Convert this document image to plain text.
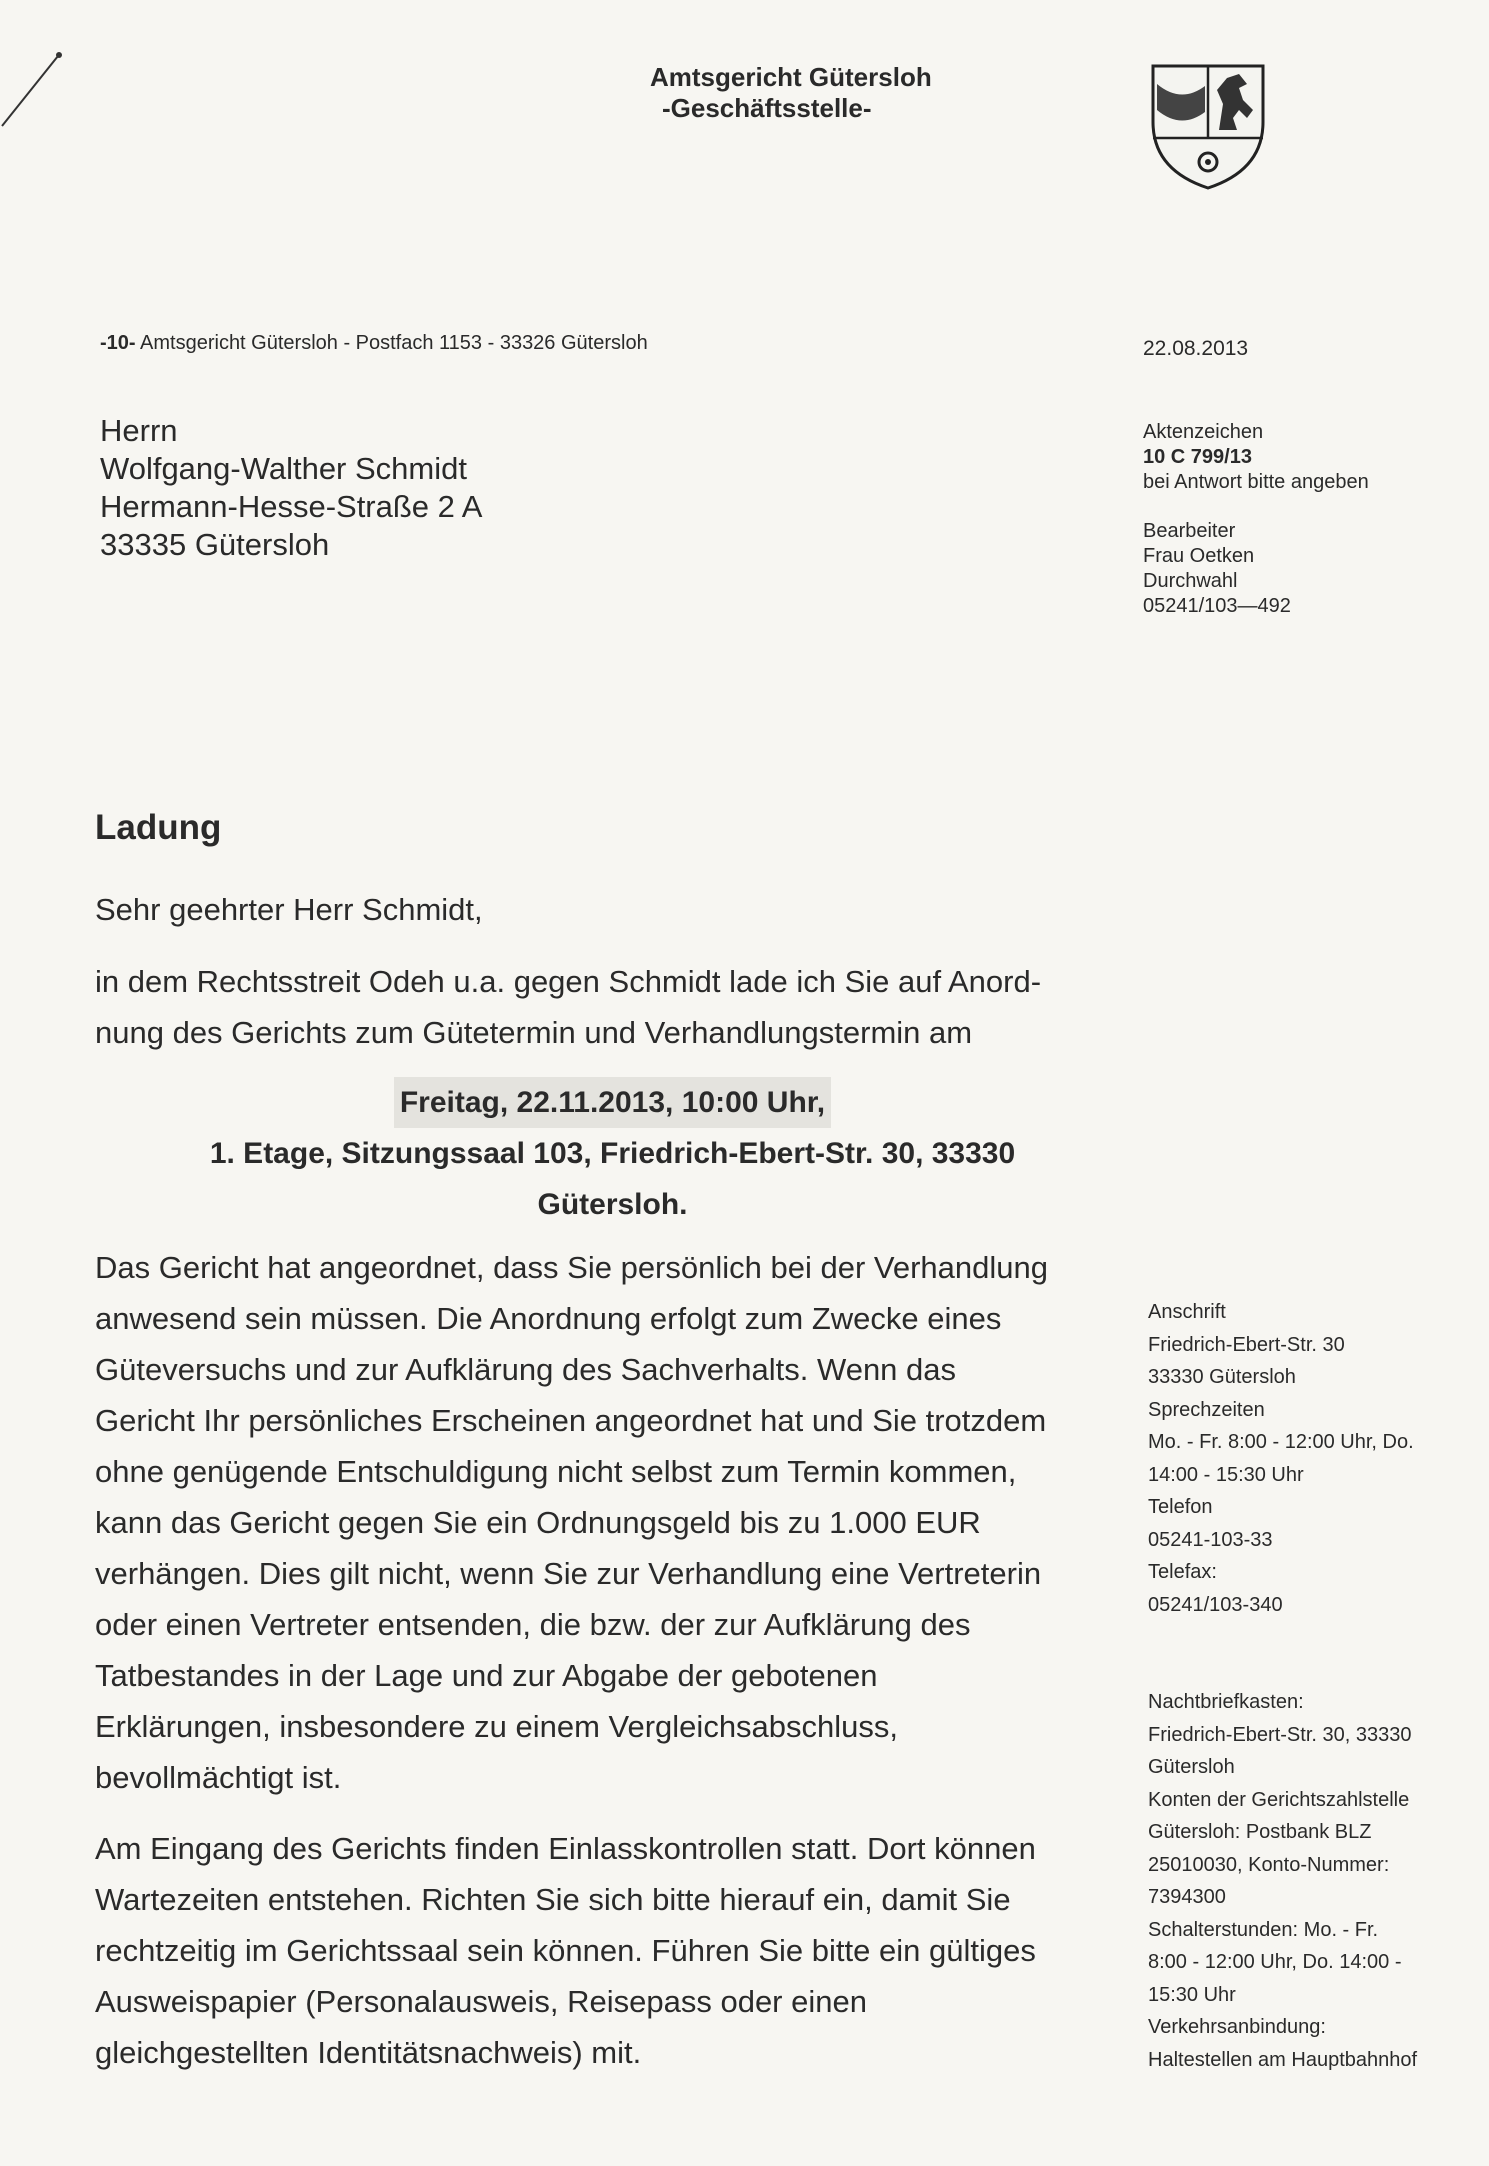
Amtsgericht Gütersloh
-Geschäftsstelle-
-10- Amtsgericht Gütersloh - Postfach 1153 - 33326 Gütersloh	22.08.2013
Herrn
Wolfgang-Walther Schmidt
Hermann-Hesse-Straße 2 A
33335 Gütersloh
Aktenzeichen
10 C 799/13
bei Antwort bitte angeben
Bearbeiter
Frau Oetken
Durchwahl
05241/103—492
Ladung
Sehr geehrter Herr Schmidt,
in dem Rechtsstreit Odeh u.a. gegen Schmidt lade ich Sie auf Anord-
nung des Gerichts zum Gütetermin und Verhandlungstermin am
Freitag, 22.11.2013, 10:00 Uhr,
1. Etage, Sitzungssaal 103, Friedrich-Ebert-Str. 30, 33330
Gütersloh.
Das Gericht hat angeordnet, dass Sie persönlich bei der Verhandlung
anwesend sein müssen. Die Anordnung erfolgt zum Zwecke eines
Güteversuchs und zur Aufklärung des Sachverhalts. Wenn das
Gericht Ihr persönliches Erscheinen angeordnet hat und Sie trotzdem
ohne genügende Entschuldigung nicht selbst zum Termin kommen,
kann das Gericht gegen Sie ein Ordnungsgeld bis zu 1.000 EUR
verhängen. Dies gilt nicht, wenn Sie zur Verhandlung eine Vertreterin
oder einen Vertreter entsenden, die bzw. der zur Aufklärung des
Tatbestandes in der Lage und zur Abgabe der gebotenen
Erklärungen, insbesondere zu einem Vergleichsabschluss,
bevollmächtigt ist.
Am Eingang des Gerichts finden Einlasskontrollen statt. Dort können
Wartezeiten entstehen. Richten Sie sich bitte hierauf ein, damit Sie
rechtzeitig im Gerichtssaal sein können. Führen Sie bitte ein gültiges
Ausweispapier (Personalausweis, Reisepass oder einen
gleichgestellten Identitätsnachweis) mit.
Anschrift
Friedrich-Ebert-Str. 30
33330 Gütersloh
Sprechzeiten
Mo. - Fr. 8:00 - 12:00 Uhr, Do.
14:00 - 15:30 Uhr
Telefon
05241-103-33
Telefax:
05241/103-340
Nachtbriefkasten:
Friedrich-Ebert-Str. 30, 33330
Gütersloh
Konten der Gerichtszahlstelle
Gütersloh: Postbank BLZ
25010030, Konto-Nummer:
7394300
Schalterstunden: Mo. - Fr.
8:00 - 12:00 Uhr, Do. 14:00 -
15:30 Uhr
Verkehrsanbindung:
Haltestellen am Hauptbahnhof
